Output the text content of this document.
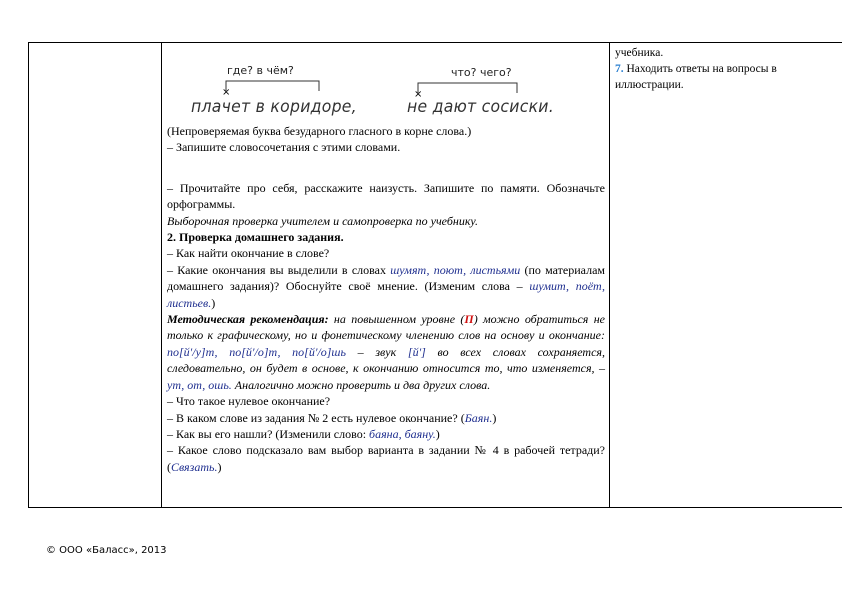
где? в чём?
×	×
плачет в коридоре,
что? чего?
не дают сосиски.

(Непроверяемая буква безударного гласного в корне слова.)

– Запишите словосочетания с этими словами.

– Прочитайте про себя, расскажите наизусть. Запишите по памяти. Обозначьте орфограммы.

Выборочная проверка учителем и самопроверка по учебнику.

2. Проверка домашнего задания.

– Как найти окончание в слове?

– Какие окончания вы выделили в словах шумят, поют, листьями (по материалам домашнего задания)? Обоснуйте своё мнение. (Изменим слова – шумит, поёт, листьев.)

Методическая рекомендация: на повышенном уровне (П) можно обратиться не только к графическому, но и фонетическому членению слов на основу и окончание: по[й'/у]т, по[й'/о]т, по[й'/о]шь – звук [й'] во всех словах сохраняется, следовательно, он будет в основе, к окончанию относится то, что изменяется, – ут, от, ошь. Аналогично можно проверить и два других слова.

– Что такое нулевое окончание?

– В каком слове из задания № 2 есть нулевое окончание? (Баян.)

– Как вы его нашли? (Изменили слово: баяна, баяну.)

– Какое слово подсказало вам выбор варианта в задании № 4 в рабочей тетради? (Связать.)

учебника.
7. Находить ответы на вопросы в иллюстрации.
© ООО «Баласс», 2013
